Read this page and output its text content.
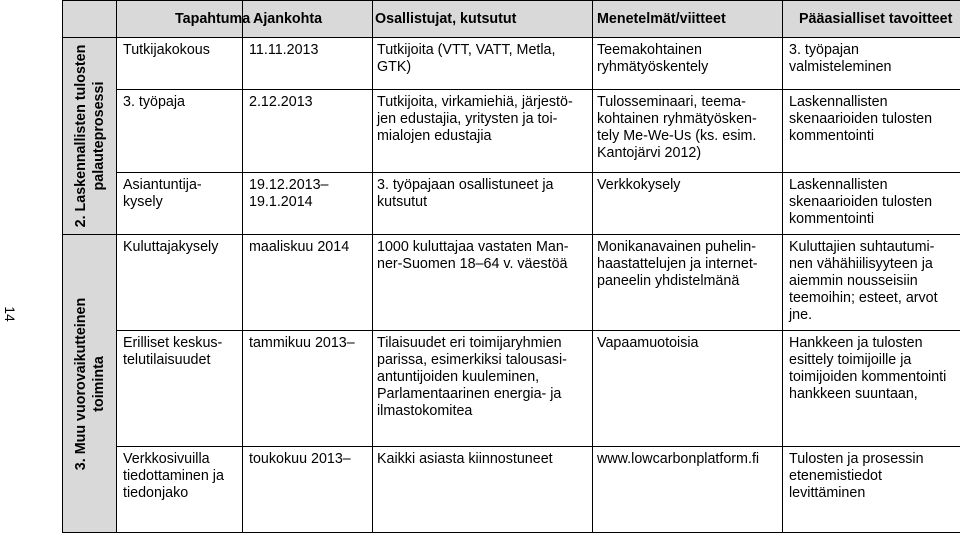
14
	Tapahtuma	Ajankohta	Osallistujat, kutsutut	Menetelmät/viitteet	Pääasialliset tavoitteet

2. Laskennallisten tulosten palauteprosessi	Tutkijakokous	11.11.2013	Tutkijoita (VTT, VATT, Metla, GTK)	Teemakohtainen ryhmätyöskentely	3. työpajan valmisteleminen

	3. työpaja	2.12.2013	Tutkijoita, virkamiehiä, järjestö-jen edustajia, yritysten ja toi-mialojen edustajia	Tulosseminaari, teema-kohtainen ryhmätyösken-tely Me-We-Us (ks. esim. Kantojärvi 2012)	Laskennallisten skenaarioiden tulosten kommentointi

	Asiantuntija-kysely	19.12.2013– 19.1.2014	3. työpajaan osallistuneet ja kutsutut	Verkkokysely	Laskennallisten skenaarioiden tulosten kommentointi

3. Muu vuorovaikutteinen toiminta	Kuluttajakysely	maaliskuu 2014	1000 kuluttajaa vastaten Man-ner-Suomen 18–64 v. väestöä	Monikanavainen puhelin-haastattelujen ja internet-paneelin yhdistelmänä	Kuluttajien suhtautumi-nen vähähiilisyyteen ja aiemmin nousseisiin teemoihin; esteet, arvot jne.

	Erilliset keskus-telutilaisuudet	tammikuu 2013–	Tilaisuudet eri toimijaryhmien parissa, esimerkiksi talousasi-antuntijoiden kuuleminen, Parlamentaarinen energia- ja ilmastokomitea	Vapaamuotoisia	Hankkeen ja tulosten esittely toimijoille ja toimijoiden kommentointi hankkeen suuntaan,

	Verkkosivuilla tiedottaminen ja tiedonjako	toukokuu 2013–	Kaikki asiasta kiinnostuneet	www.lowcarbonplatform.fi	Tulosten ja prosessin etenemistiedot levittäminen
